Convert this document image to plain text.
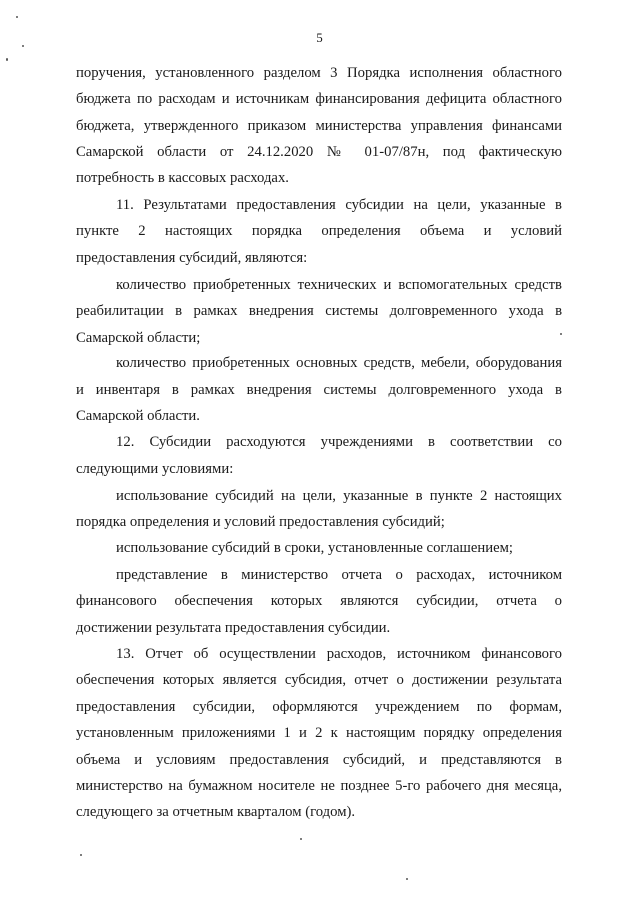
5
поручения, установленного разделом 3 Порядка исполнения областного
бюджета по расходам и источникам финансирования дефицита областного
бюджета, утвержденного приказом министерства управления финансами
Самарской области от 24.12.2020 № 01-07/87н, под фактическую
потребность в кассовых расходах.
11. Результатами предоставления субсидии на цели, указанные в
пункте 2 настоящих порядка определения объема и условий
предоставления субсидий, являются:
количество приобретенных технических и вспомогательных средств
реабилитации в рамках внедрения системы долговременного ухода в
Самарской области;
количество приобретенных основных средств, мебели, оборудования
и инвентаря в рамках внедрения системы долговременного ухода в
Самарской области.
12. Субсидии расходуются учреждениями в соответствии со
следующими условиями:
использование субсидий на цели, указанные в пункте 2 настоящих
порядка определения и условий предоставления субсидий;
использование субсидий в сроки, установленные соглашением;
представление в министерство отчета о расходах, источником
финансового обеспечения которых являются субсидии, отчета о
достижении результата предоставления субсидии.
13. Отчет об осуществлении расходов, источником финансового
обеспечения которых является субсидия, отчет о достижении результата
предоставления субсидии, оформляются учреждением по формам,
установленным приложениями 1 и 2 к настоящим порядку определения
объема и условиям предоставления субсидий, и представляются в
министерство на бумажном носителе не позднее 5-го рабочего дня месяца,
следующего за отчетным кварталом (годом).
